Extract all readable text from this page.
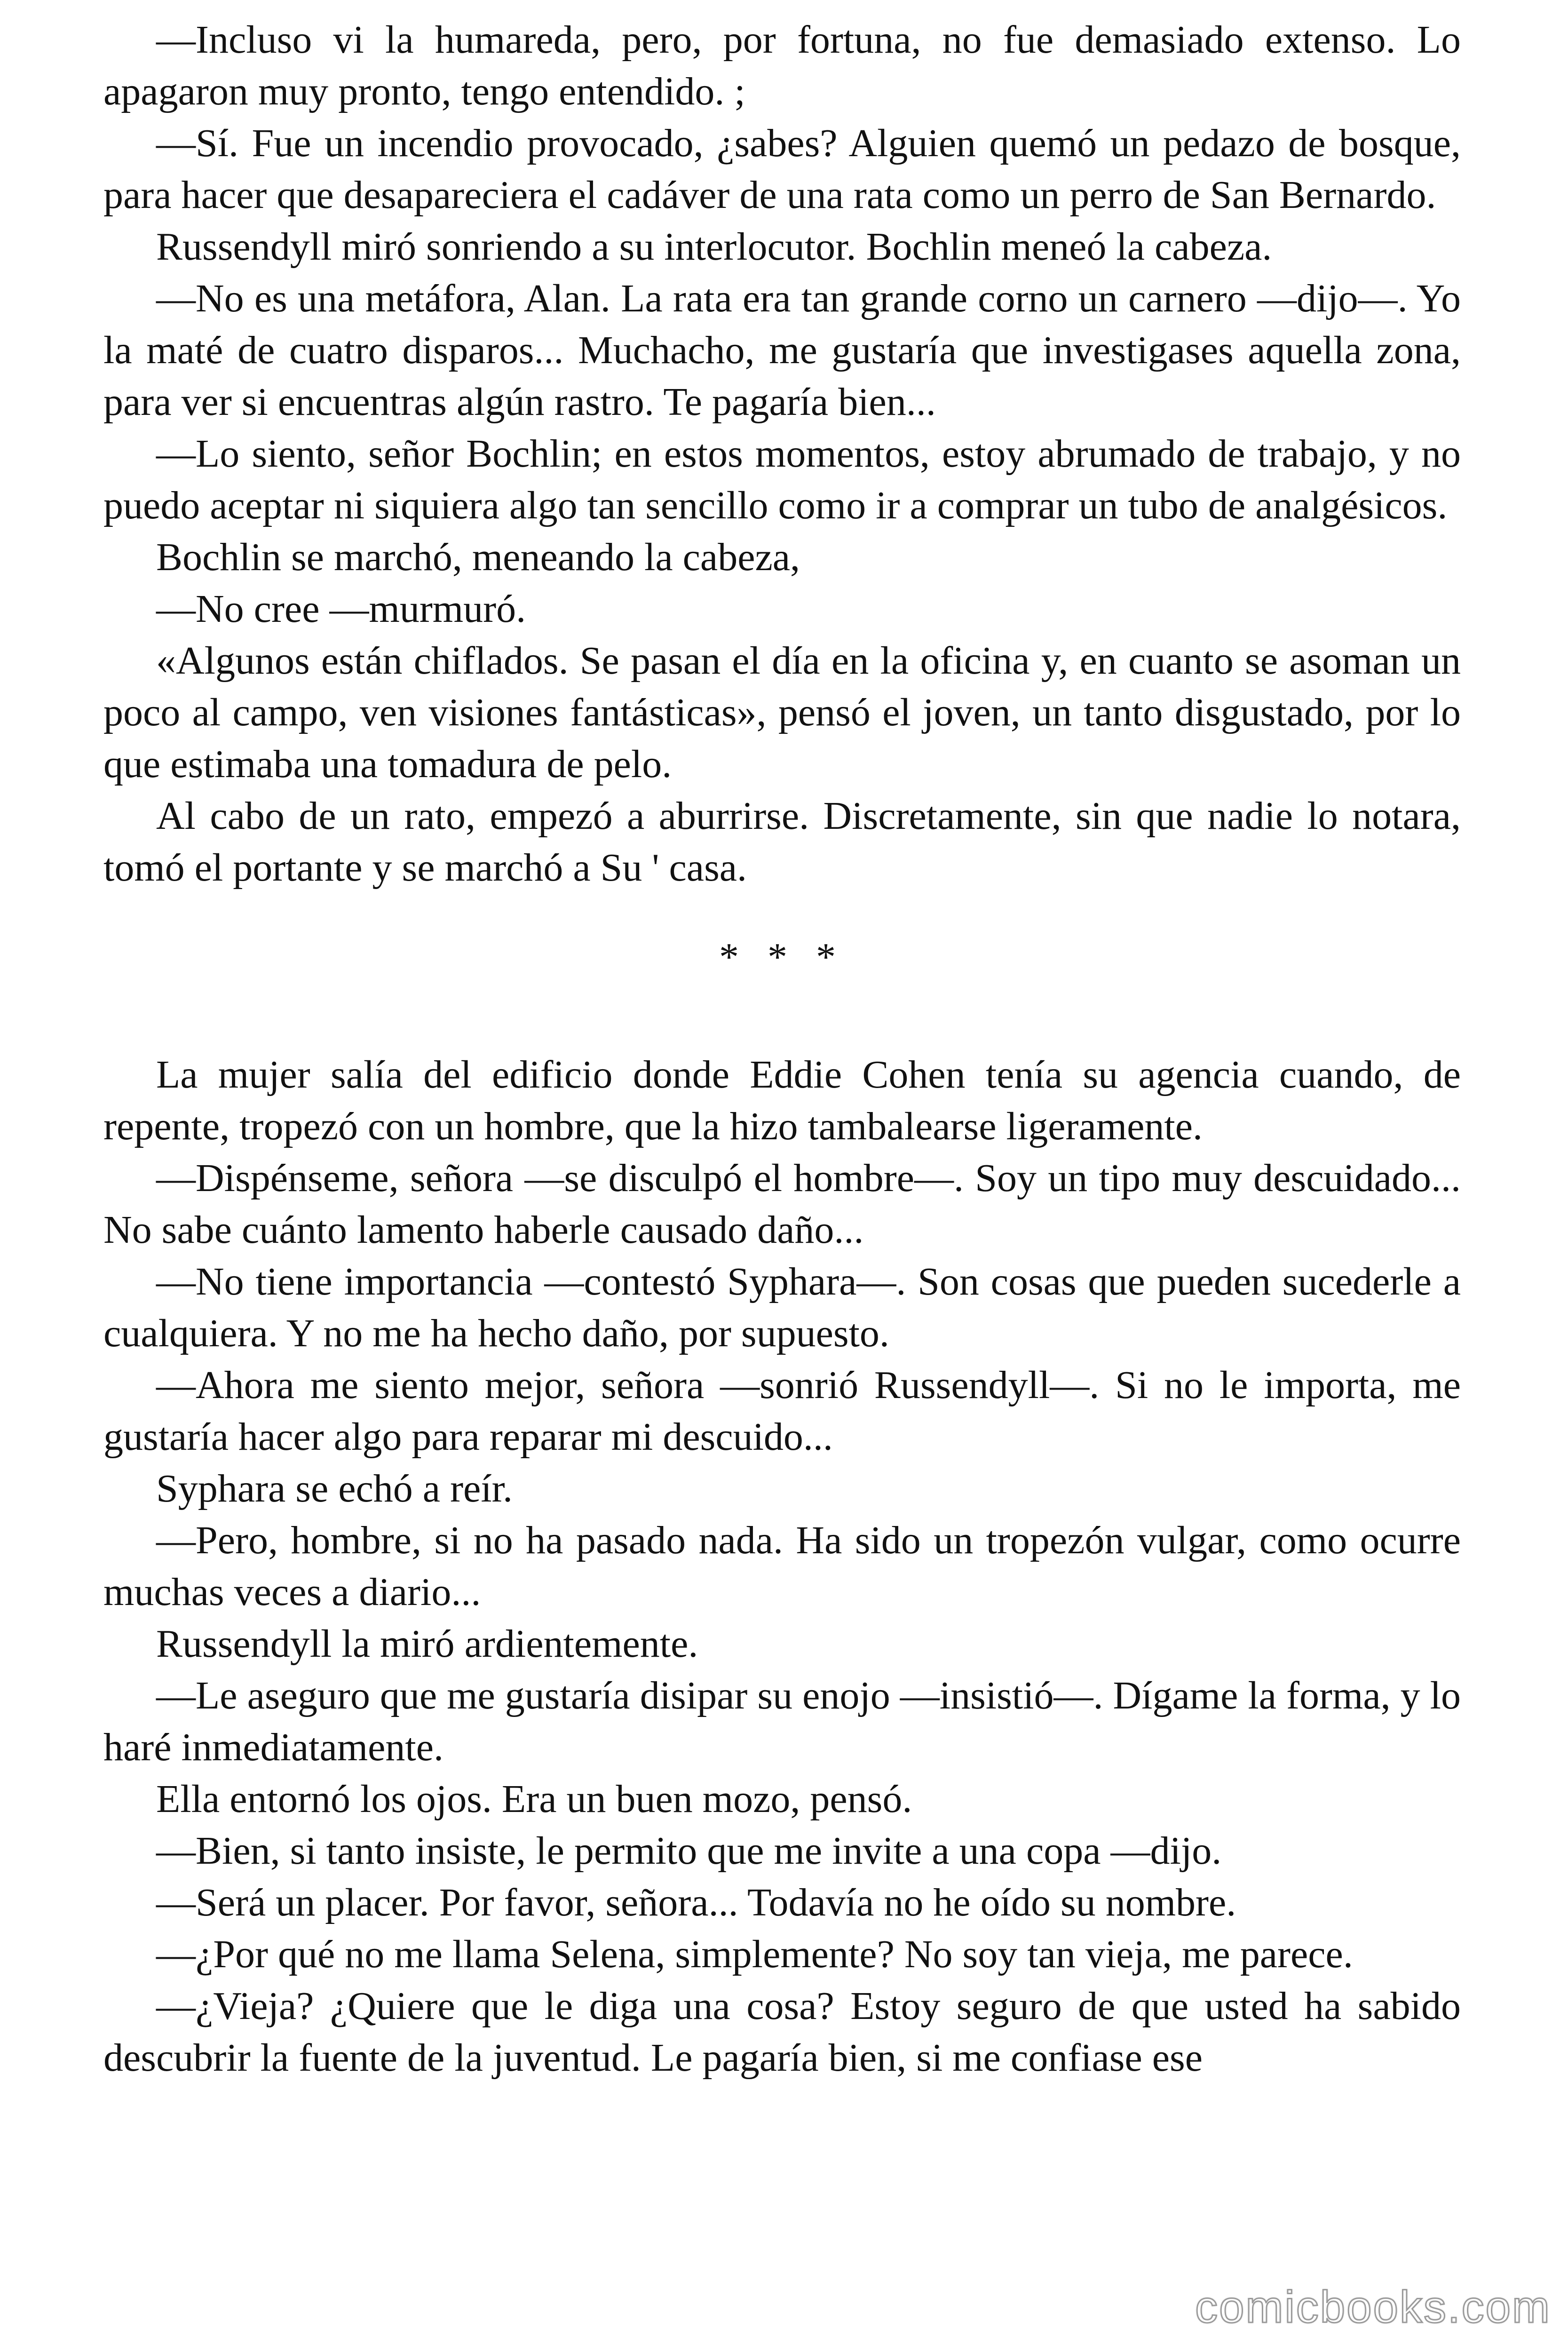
—Incluso vi la humareda, pero, por fortuna, no fue demasiado extenso. Lo apagaron muy pronto, tengo entendido. ;

—Sí. Fue un incendio provocado, ¿sabes? Alguien quemó un pedazo de bosque, para hacer que desapareciera el cadáver de una rata como un perro de San Bernardo.

Russendyll miró sonriendo a su interlocutor. Bochlin meneó la cabeza.

—No es una metáfora, Alan. La rata era tan grande corno un carnero —dijo—. Yo la maté de cuatro disparos... Muchacho, me gustaría que investigases aquella zona, para ver si encuentras algún rastro. Te pagaría bien...

—Lo siento, señor Bochlin; en estos momentos, estoy abrumado de trabajo, y no puedo aceptar ni siquiera algo tan sencillo como ir a comprar un tubo de analgésicos.

Bochlin se marchó, meneando la cabeza,

—No cree —murmuró.

«Algunos están chiflados. Se pasan el día en la oficina y, en cuanto se asoman un poco al campo, ven visiones fantásticas», pensó el joven, un tanto disgustado, por lo que estimaba una tomadura de pelo.

Al cabo de un rato, empezó a aburrirse. Discretamente, sin que nadie lo notara, tomó el portante y se marchó a Su ' casa.

* * *

La mujer salía del edificio donde Eddie Cohen tenía su agencia cuando, de repente, tropezó con un hombre, que la hizo tambalearse ligeramente.

—Dispénseme, señora —se disculpó el hombre—. Soy un tipo muy descuidado... No sabe cuánto lamento haberle causado daño...

—No tiene importancia —contestó Syphara—. Son cosas que pueden sucederle a cualquiera. Y no me ha hecho daño, por supuesto.

—Ahora me siento mejor, señora —sonrió Russendyll—. Si no le importa, me gustaría hacer algo para reparar mi descuido...

Syphara se echó a reír.

—Pero, hombre, si no ha pasado nada. Ha sido un tropezón vulgar, como ocurre muchas veces a diario...

Russendyll la miró ardientemente.

—Le aseguro que me gustaría disipar su enojo —insistió—. Dígame la forma, y lo haré inmediatamente.

Ella entornó los ojos. Era un buen mozo, pensó.

—Bien, si tanto insiste, le permito que me invite a una copa —dijo.

—Será un placer. Por favor, señora... Todavía no he oído su nombre.

—¿Por qué no me llama Selena, simplemente? No soy tan vieja, me parece.

—¿Vieja? ¿Quiere que le diga una cosa? Estoy seguro de que usted ha sabido descubrir la fuente de la juventud. Le pagaría bien, si me confiase ese

comicbooks.com
